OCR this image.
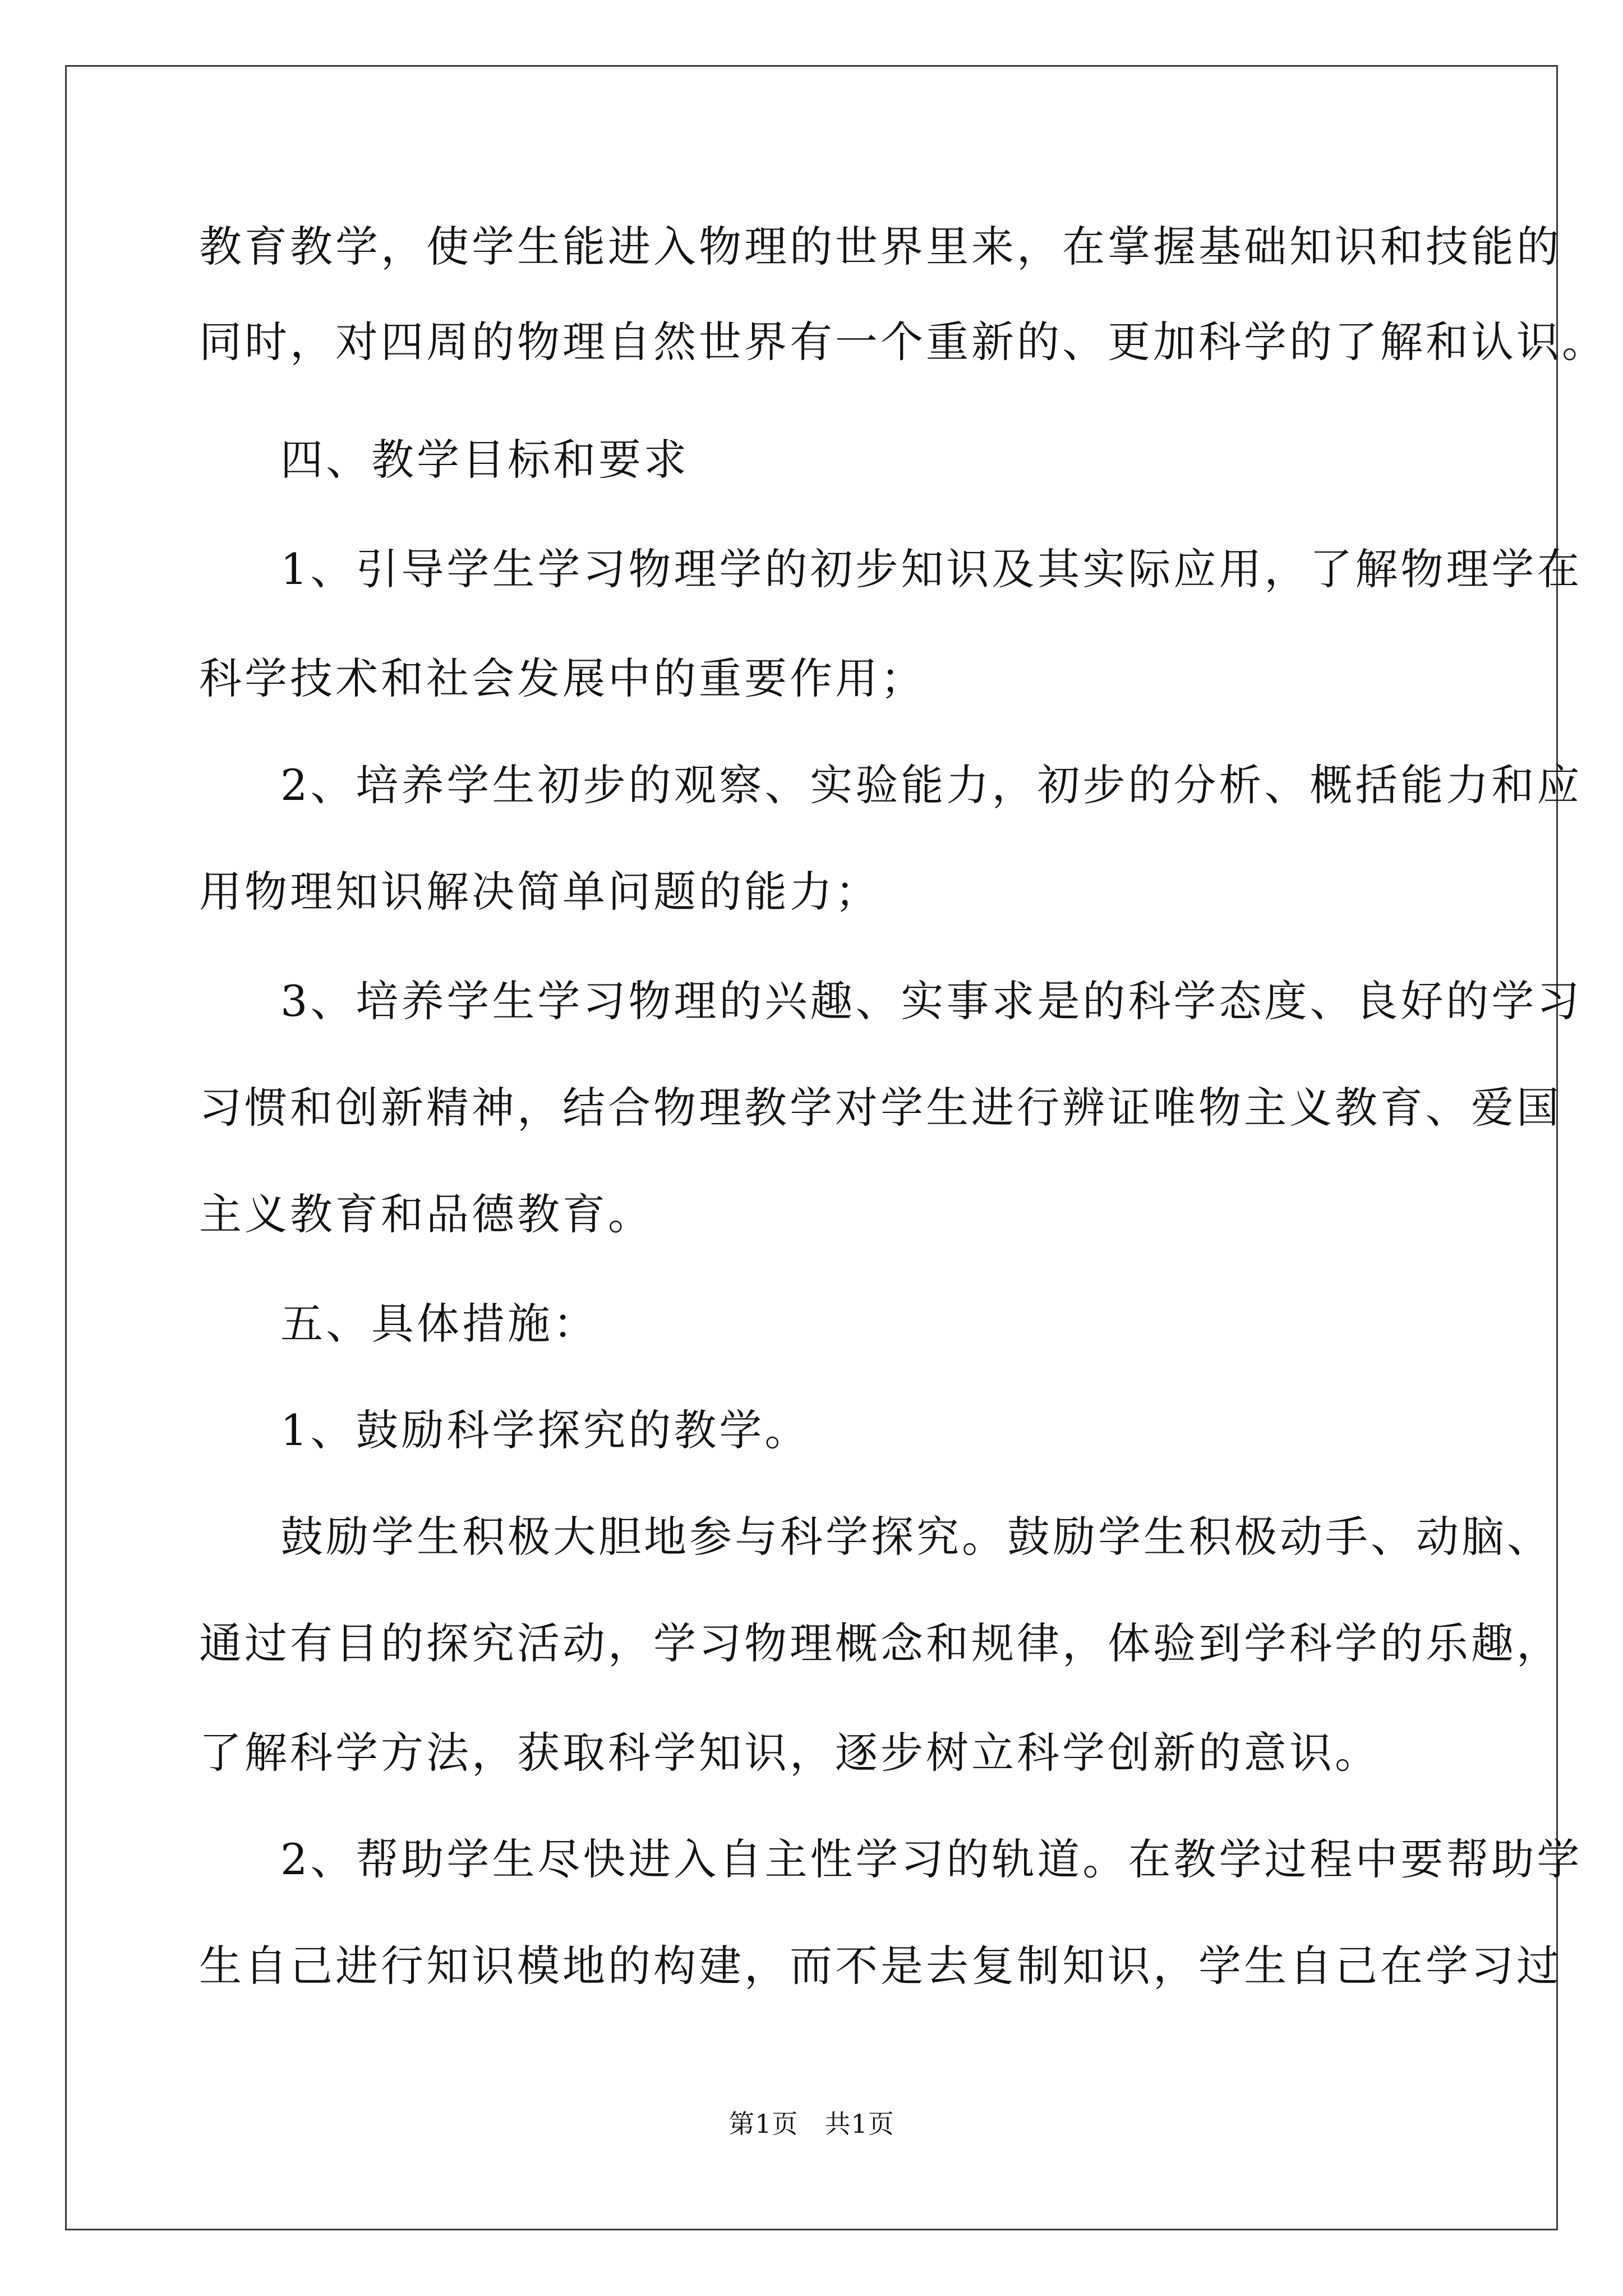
教育教学，使学生能进入物理的世界里来，在掌握基础知识和技能的
同时，对四周的物理自然世界有一个重新的、更加科学的了解和认识。
四、教学目标和要求
1、引导学生学习物理学的初步知识及其实际应用，了解物理学在
科学技术和社会发展中的重要作用；
2、培养学生初步的观察、实验能力，初步的分析、概括能力和应
用物理知识解决简单问题的能力；
3、培养学生学习物理的兴趣、实事求是的科学态度、良好的学习
习惯和创新精神，结合物理教学对学生进行辨证唯物主义教育、爱国
主义教育和品德教育。
五、具体措施：
1、鼓励科学探究的教学。
鼓励学生积极大胆地参与科学探究。鼓励学生积极动手、动脑、
通过有目的探究活动，学习物理概念和规律，体验到学科学的乐趣，
了解科学方法，获取科学知识，逐步树立科学创新的意识。
2、帮助学生尽快进入自主性学习的轨道。在教学过程中要帮助学
生自己进行知识模地的构建，而不是去复制知识，学生自己在学习过
第1页　共1页
